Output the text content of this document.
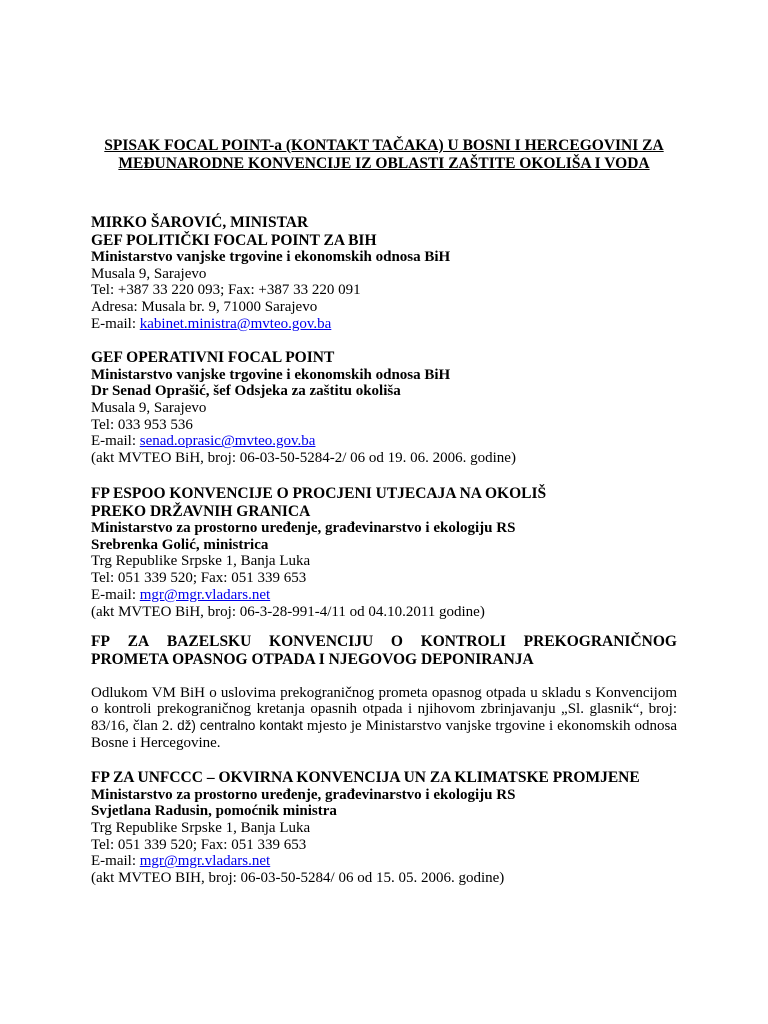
SPISAK FOCAL POINT-a (KONTAKT TAČAKA) U BOSNI I HERCEGOVINI ZA
MEĐUNARODNE KONVENCIJE IZ OBLASTI ZAŠTITE OKOLIŠA I VODA
MIRKO ŠAROVIĆ, MINISTAR
GEF POLITIČKI FOCAL POINT ZA BIH
Ministarstvo vanjske trgovine i ekonomskih odnosa BiH
Musala 9, Sarajevo
Tel: +387 33 220 093; Fax: +387 33 220 091
Adresa: Musala br. 9, 71000 Sarajevo
E-mail: kabinet.ministra@mvteo.gov.ba
GEF OPERATIVNI FOCAL POINT
Ministarstvo vanjske trgovine i ekonomskih odnosa BiH
Dr Senad Oprašić, šef Odsjeka za zaštitu okoliša
Musala 9, Sarajevo
Tel: 033 953 536
E-mail: senad.oprasic@mvteo.gov.ba
(akt MVTEO BiH, broj: 06-03-50-5284-2/ 06 od 19. 06. 2006. godine)
FP ESPOO KONVENCIJE O PROCJENI UTJECAJA NA OKOLIŠ
PREKO DRŽAVNIH GRANICA
Ministarstvo za prostorno uređenje, građevinarstvo i ekologiju RS
Srebrenka Golić, ministrica
Trg Republike Srpske 1, Banja Luka
Tel: 051 339 520; Fax: 051 339 653
E-mail: mgr@mgr.vladars.net
(akt MVTEO BiH, broj: 06-3-28-991-4/11 od 04.10.2011 godine)
FP ZA BAZELSKU KONVENCIJU O KONTROLI PREKOGRANIČNOG
PROMETA OPASNOG OTPADA I NJEGOVOG DEPONIRANJA

Odlukom VM BiH o uslovima prekograničnog prometa opasnog otpada u skladu s Konvencijom o kontroli prekograničnog kretanja opasnih otpada i njihovom zbrinjavanju „Sl. glasnik“, broj: 83/16, član 2. dž) centralno kontakt mjesto je Ministarstvo vanjske trgovine i ekonomskih odnosa Bosne i Hercegovine.

FP ZA UNFCCC – OKVIRNA KONVENCIJA UN ZA KLIMATSKE PROMJENE
Ministarstvo za prostorno uređenje, građevinarstvo i ekologiju RS
Svjetlana Radusin, pomoćnik ministra
Trg Republike Srpske 1, Banja Luka
Tel: 051 339 520; Fax: 051 339 653
E-mail: mgr@mgr.vladars.net
(akt MVTEO BIH, broj: 06-03-50-5284/ 06 od 15. 05. 2006. godine)
